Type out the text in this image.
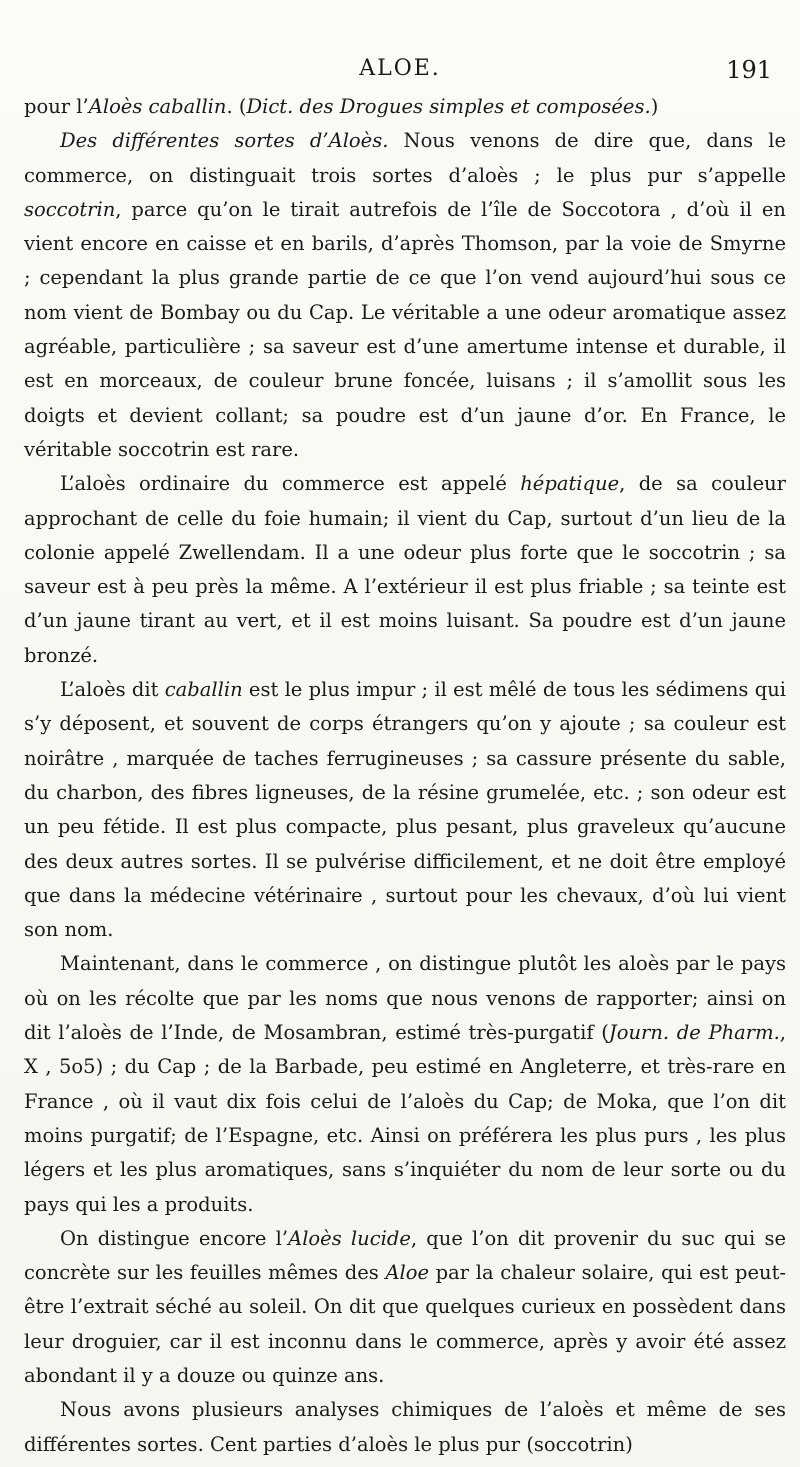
ALOE.	191

pour l’Aloès caballin. (Dict. des Drogues simples et composées.)

Des différentes sortes d’Aloès. Nous venons de dire que, dans le commerce, on distinguait trois sortes d’aloès ; le plus pur s’appelle soccotrin, parce qu’on le tirait autrefois de l’île de Soccotora , d’où il en vient encore en caisse et en barils, d’après Thomson, par la voie de Smyrne ; cependant la plus grande partie de ce que l’on vend aujourd’hui sous ce nom vient de Bombay ou du Cap. Le véritable a une odeur aromatique assez agréable, particulière ; sa saveur est d’une amertume intense et durable, il est en morceaux, de couleur brune foncée, luisans ; il s’amollit sous les doigts et devient collant; sa poudre est d’un jaune d’or. En France, le véritable soccotrin est rare.

L’aloès ordinaire du commerce est appelé hépatique, de sa couleur approchant de celle du foie humain; il vient du Cap, surtout d’un lieu de la colonie appelé Zwellendam. Il a une odeur plus forte que le soccotrin ; sa saveur est à peu près la même. A l’extérieur il est plus friable ; sa teinte est d’un jaune tirant au vert, et il est moins luisant. Sa poudre est d’un jaune bronzé.

L’aloès dit caballin est le plus impur ; il est mêlé de tous les sédimens qui s’y déposent, et souvent de corps étrangers qu’on y ajoute ; sa couleur est noirâtre , marquée de taches ferrugineuses ; sa cassure présente du sable, du charbon, des fibres ligneuses, de la résine grumelée, etc. ; son odeur est un peu fétide. Il est plus compacte, plus pesant, plus graveleux qu’aucune des deux autres sortes. Il se pulvérise difficilement, et ne doit être employé que dans la médecine vétérinaire , surtout pour les chevaux, d’où lui vient son nom.

Maintenant, dans le commerce , on distingue plutôt les aloès par le pays où on les récolte que par les noms que nous venons de rapporter; ainsi on dit l’aloès de l’Inde, de Mosambran, estimé très-purgatif (Journ. de Pharm., X , 5o5) ; du Cap ; de la Barbade, peu estimé en Angleterre, et très-rare en France , où il vaut dix fois celui de l’aloès du Cap; de Moka, que l’on dit moins purgatif; de l’Espagne, etc. Ainsi on préférera les plus purs , les plus légers et les plus aromatiques, sans s’inquiéter du nom de leur sorte ou du pays qui les a produits.

On distingue encore l’Aloès lucide, que l’on dit provenir du suc qui se concrète sur les feuilles mêmes des Aloe par la chaleur solaire, qui est peut-être l’extrait séché au soleil. On dit que quelques curieux en possèdent dans leur droguier, car il est inconnu dans le commerce, après y avoir été assez abondant il y a douze ou quinze ans.

Nous avons plusieurs analyses chimiques de l’aloès et même de ses différentes sortes. Cent parties d’aloès le plus pur (soccotrin)
